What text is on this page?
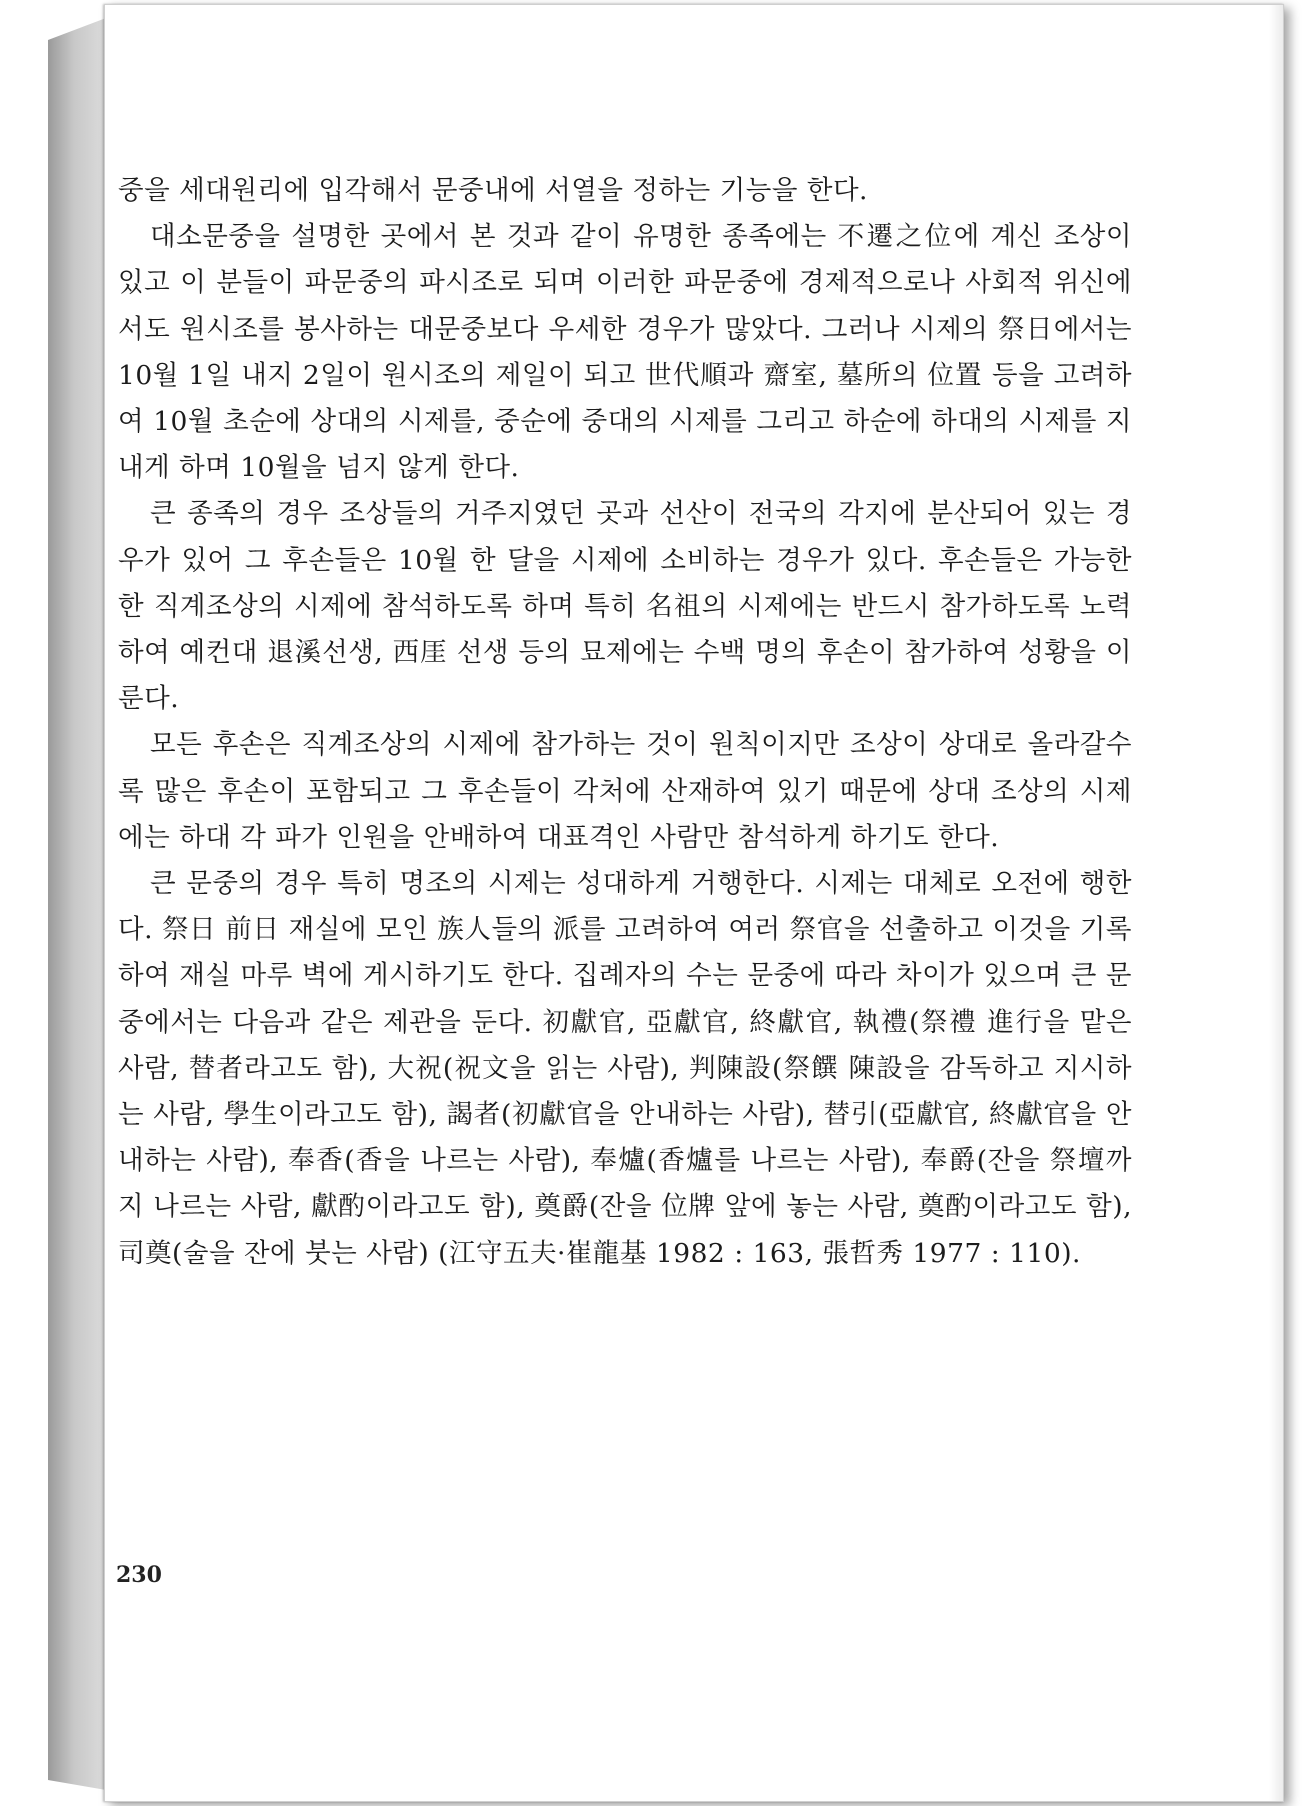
중을 세대원리에 입각해서 문중내에 서열을 정하는 기능을 한다.

대소문중을 설명한 곳에서 본 것과 같이 유명한 종족에는 不遷之位에 계신 조상이 있고 이 분들이 파문중의 파시조로 되며 이러한 파문중에 경제적으로나 사회적 위신에서도 원시조를 봉사하는 대문중보다 우세한 경우가 많았다. 그러나 시제의 祭日에서는 10월 1일 내지 2일이 원시조의 제일이 되고 世代順과 齋室, 墓所의 位置 등을 고려하여 10월 초순에 상대의 시제를, 중순에 중대의 시제를 그리고 하순에 하대의 시제를 지내게 하며 10월을 넘지 않게 한다.

큰 종족의 경우 조상들의 거주지였던 곳과 선산이 전국의 각지에 분산되어 있는 경우가 있어 그 후손들은 10월 한 달을 시제에 소비하는 경우가 있다. 후손들은 가능한 한 직계조상의 시제에 참석하도록 하며 특히 名祖의 시제에는 반드시 참가하도록 노력하여 예컨대 退溪선생, 西厓 선생 등의 묘제에는 수백 명의 후손이 참가하여 성황을 이룬다.

모든 후손은 직계조상의 시제에 참가하는 것이 원칙이지만 조상이 상대로 올라갈수록 많은 후손이 포함되고 그 후손들이 각처에 산재하여 있기 때문에 상대 조상의 시제에는 하대 각 파가 인원을 안배하여 대표격인 사람만 참석하게 하기도 한다.

큰 문중의 경우 특히 명조의 시제는 성대하게 거행한다. 시제는 대체로 오전에 행한다. 祭日 前日 재실에 모인 族人들의 派를 고려하여 여러 祭官을 선출하고 이것을 기록하여 재실 마루 벽에 게시하기도 한다. 집례자의 수는 문중에 따라 차이가 있으며 큰 문중에서는 다음과 같은 제관을 둔다. 初獻官, 亞獻官, 終獻官, 執禮(祭禮 進行을 맡은 사람, 替者라고도 함), 大祝(祝文을 읽는 사람), 判陳設(祭饌 陳設을 감독하고 지시하는 사람, 學生이라고도 함), 謁者(初獻官을 안내하는 사람), 替引(亞獻官, 終獻官을 안내하는 사람), 奉香(香을 나르는 사람), 奉爐(香爐를 나르는 사람), 奉爵(잔을 祭壇까지 나르는 사람, 獻酌이라고도 함), 奠爵(잔을 位牌 앞에 놓는 사람, 奠酌이라고도 함), 司奠(술을 잔에 붓는 사람) (江守五夫·崔龍基 1982 : 163, 張哲秀 1977 : 110).

230
